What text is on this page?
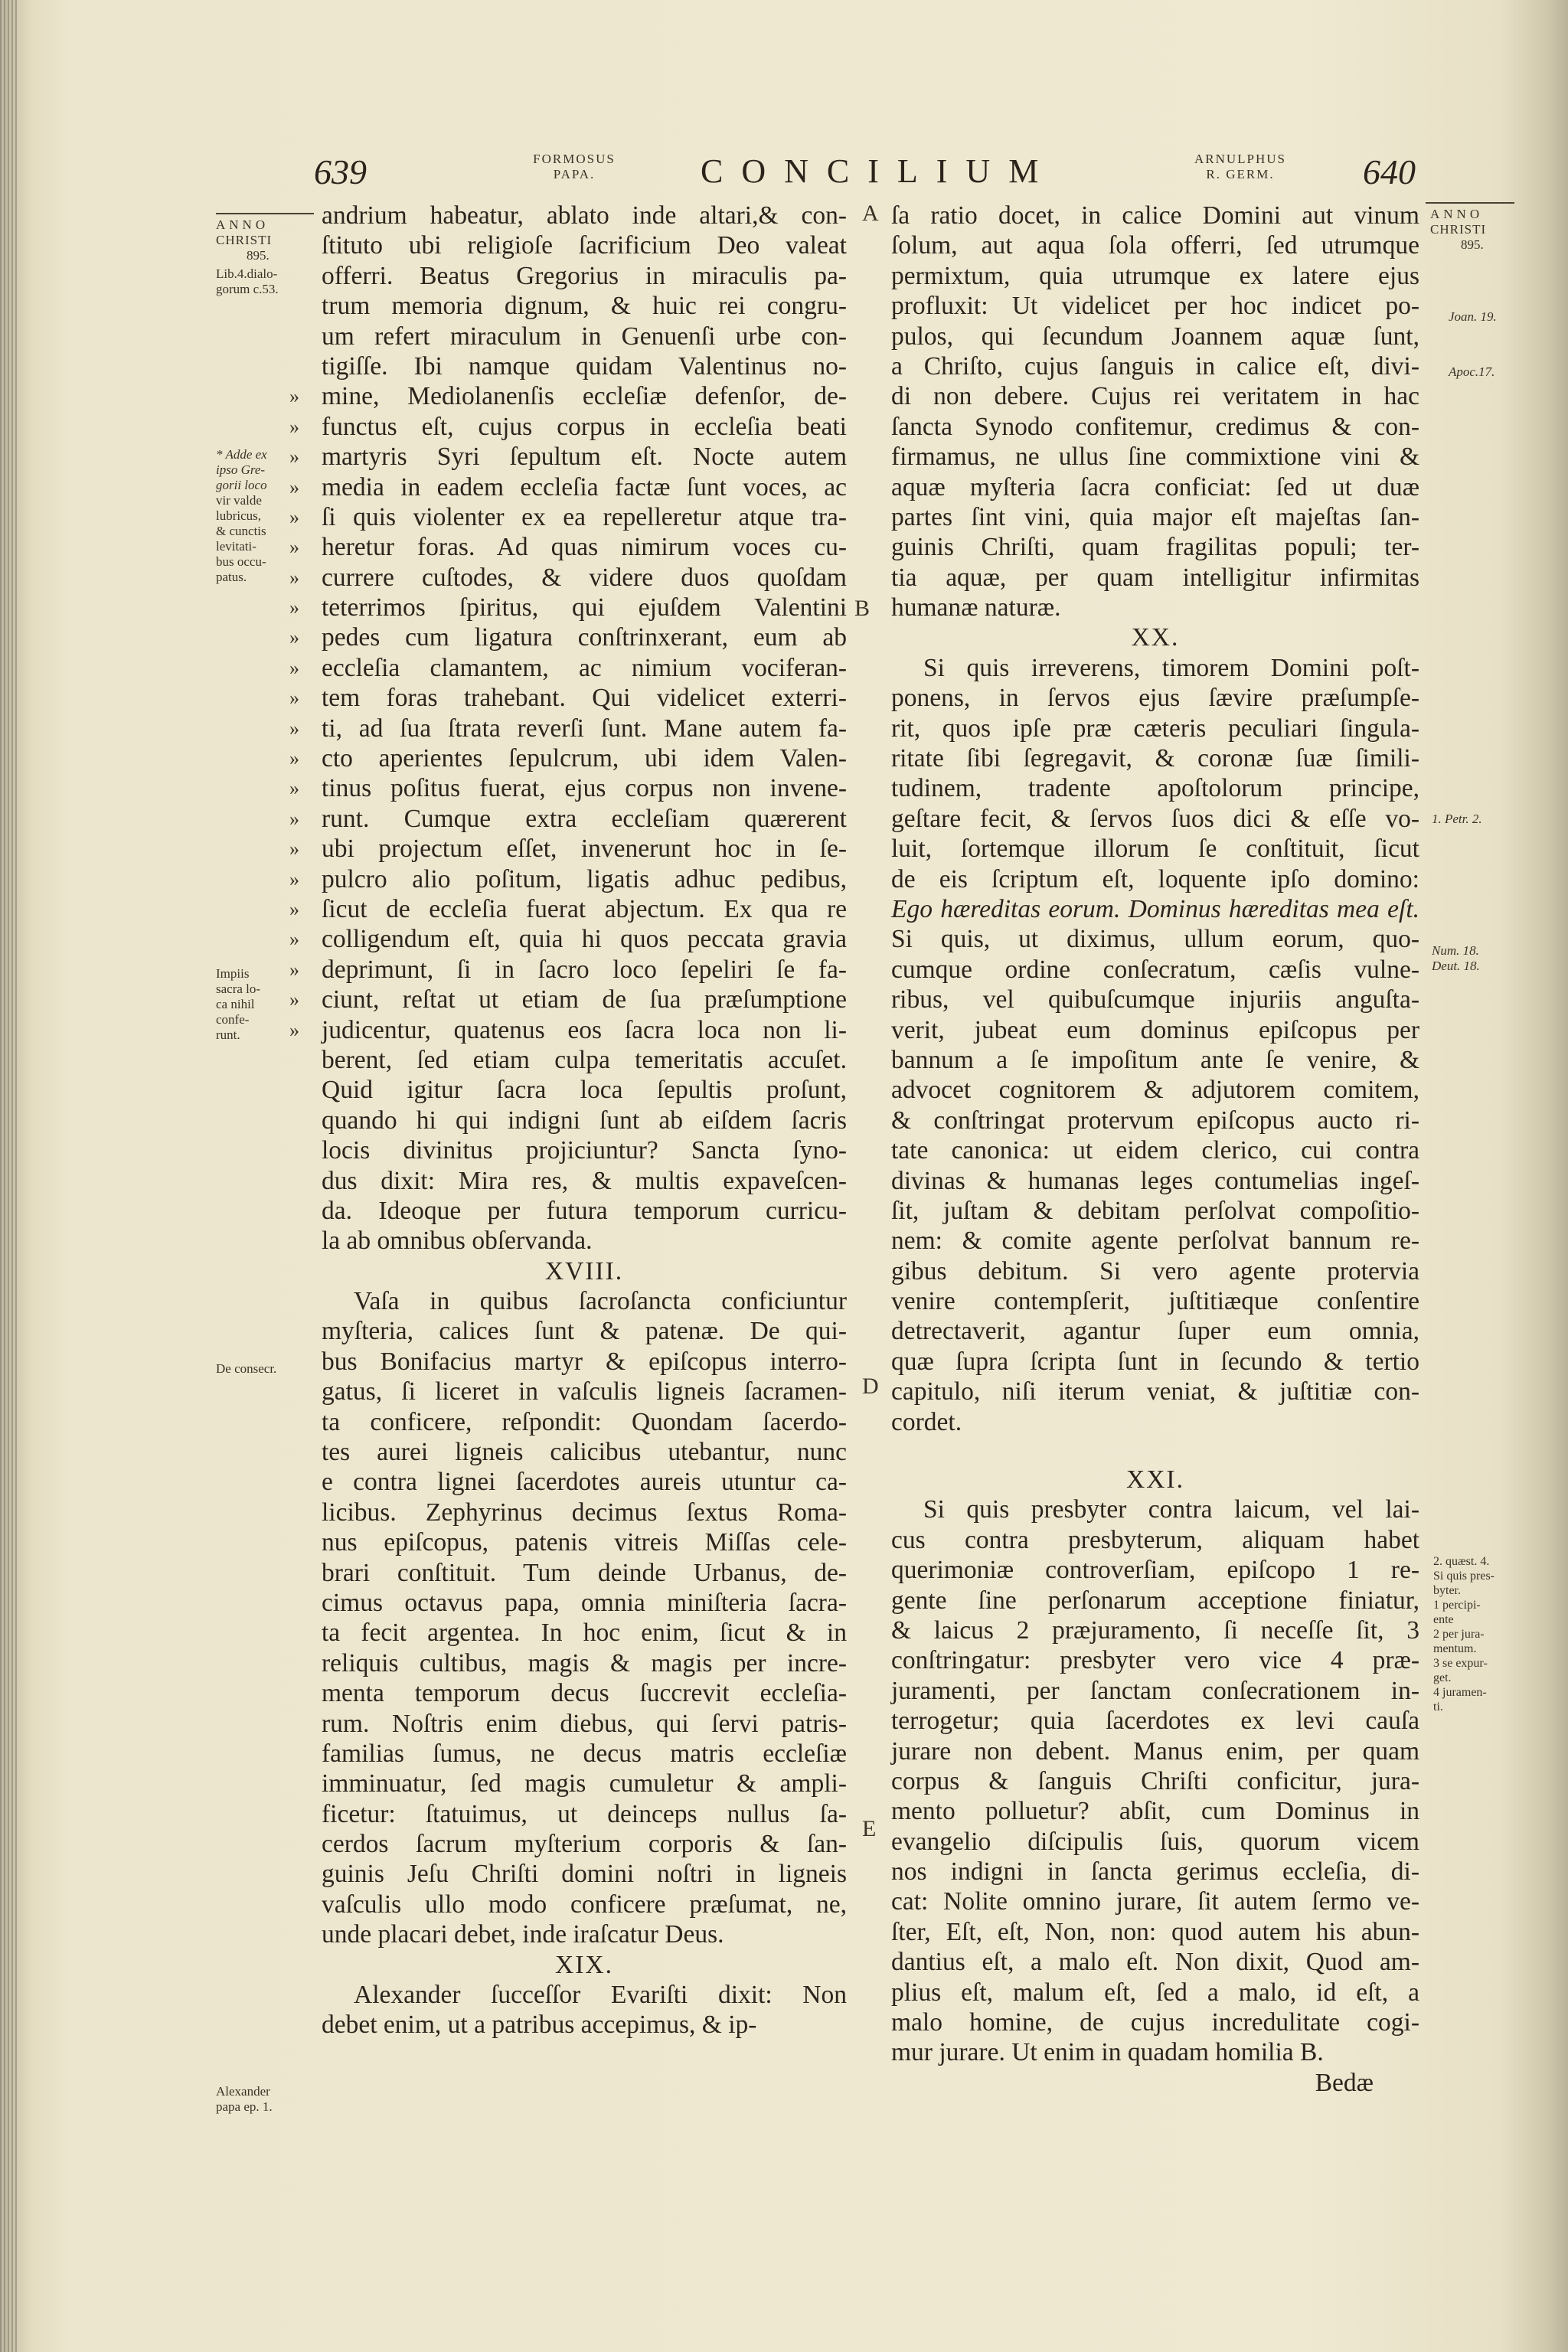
639	FORMOSUS
PAPA.	CONCILIUM	ARNULPHUS
R. GERM.	640
A
B
D
E
ANNO
CHRISTI
895.
Lib.4.dialo-
gorum c.53.
* Adde ex
ipso Gre-
gorii loco
vir valde
lubricus,
& cunctis
levitati-
bus occu-
patus.
Impiis
sacra lo-
ca nihil
confe-
runt.
De consecr.
Alexander
papa ep. 1.
ANNO
CHRISTI
895.
Joan. 19.
Apoc.17.
1. Petr. 2.
Num. 18.
Deut. 18.
2. quæst. 4.
Si quis pres-
byter.
1 percipi-
ente
2 per jura-
mentum.
3 se expur-
get.
4 juramen-
ti.
andrium habeatur, ablato inde altari,& con-
ſtituto ubi religioſe ſacrificium Deo valeat
offerri. Beatus Gregorius in miraculis pa-
trum memoria dignum, & huic rei congru-
um refert miraculum in Genuenſi urbe con-
tigiſſe. Ibi namque quidam Valentinus no-
mine, Mediolanenſis eccleſiæ defenſor, de-
»
functus eſt, cujus corpus in eccleſia beati
»
martyris Syri ſepultum eſt. Nocte autem
»
media in eadem eccleſia factæ ſunt voces, ac
»
ſi quis violenter ex ea repelleretur atque tra-
»
heretur foras. Ad quas nimirum voces cu-
»
currere cuſtodes, & videre duos quoſdam
»
teterrimos ſpiritus, qui ejuſdem Valentini
»
pedes cum ligatura conſtrinxerant, eum ab
»
eccleſia clamantem, ac nimium vociferan-
»
tem foras trahebant. Qui videlicet exterri-
»
ti, ad ſua ſtrata reverſi ſunt. Mane autem fa-
»
cto aperientes ſepulcrum, ubi idem Valen-
»
tinus poſitus fuerat, ejus corpus non invene-
»
runt. Cumque extra eccleſiam quærerent
»
ubi projectum eſſet, invenerunt hoc in ſe-
»
pulcro alio poſitum, ligatis adhuc pedibus,
»
ſicut de eccleſia fuerat abjectum. Ex qua re
»
colligendum eſt, quia hi quos peccata gravia
»
deprimunt, ſi in ſacro loco ſepeliri ſe fa-
»
ciunt, reſtat ut etiam de ſua præſumptione
»
judicentur, quatenus eos ſacra loca non li-
»
berent, ſed etiam culpa temeritatis accuſet.
Quid igitur ſacra loca ſepultis proſunt,
quando hi qui indigni ſunt ab eiſdem ſacris
locis divinitus projiciuntur? Sancta ſyno-
dus dixit: Mira res, & multis expaveſcen-
da. Ideoque per futura temporum curricu-
la ab omnibus obſervanda.
XVIII.
Vaſa in quibus ſacroſancta conficiuntur
myſteria, calices ſunt & patenæ. De qui-
bus Bonifacius martyr & epiſcopus interro-
gatus, ſi liceret in vaſculis ligneis ſacramen-
ta conficere, reſpondit: Quondam ſacerdo-
tes aurei ligneis calicibus utebantur, nunc
e contra lignei ſacerdotes aureis utuntur ca-
licibus. Zephyrinus decimus ſextus Roma-
nus epiſcopus, patenis vitreis Miſſas cele-
brari conſtituit. Tum deinde Urbanus, de-
cimus octavus papa, omnia miniſteria ſacra-
ta fecit argentea. In hoc enim, ſicut & in
reliquis cultibus, magis & magis per incre-
menta temporum decus ſuccrevit eccleſia-
rum. Noſtris enim diebus, qui ſervi patris-
familias ſumus, ne decus matris eccleſiæ
imminuatur, ſed magis cumuletur & ampli-
ficetur: ſtatuimus, ut deinceps nullus ſa-
cerdos ſacrum myſterium corporis & ſan-
guinis Jeſu Chriſti domini noſtri in ligneis
vaſculis ullo modo conficere præſumat, ne,
unde placari debet, inde iraſcatur Deus.
XIX.
Alexander ſucceſſor Evariſti dixit: Non
debet enim, ut a patribus accepimus, & ip-
ſa ratio docet, in calice Domini aut vinum
ſolum, aut aqua ſola offerri, ſed utrumque
permixtum, quia utrumque ex latere ejus
profluxit: Ut videlicet per hoc indicet po-
pulos, qui ſecundum Joannem aquæ ſunt,
a Chriſto, cujus ſanguis in calice eſt, divi-
di non debere. Cujus rei veritatem in hac
ſancta Synodo confitemur, credimus & con-
firmamus, ne ullus ſine commixtione vini &
aquæ myſteria ſacra conficiat: ſed ut duæ
partes ſint vini, quia major eſt majeſtas ſan-
guinis Chriſti, quam fragilitas populi; ter-
tia aquæ, per quam intelligitur infirmitas
humanæ naturæ.
XX.
Si quis irreverens, timorem Domini poſt-
ponens, in ſervos ejus ſævire præſumpſe-
rit, quos ipſe præ cæteris peculiari ſingula-
ritate ſibi ſegregavit, & coronæ ſuæ ſimili-
tudinem, tradente apoſtolorum principe,
geſtare fecit, & ſervos ſuos dici & eſſe vo-
luit, ſortemque illorum ſe conſtituit, ſicut
de eis ſcriptum eſt, loquente ipſo domino:
Ego hæreditas eorum. Dominus hæreditas mea eſt.
Si quis, ut diximus, ullum eorum, quo-
cumque ordine conſecratum, cæſis vulne-
ribus, vel quibuſcumque injuriis anguſta-
verit, jubeat eum dominus epiſcopus per
bannum a ſe impoſitum ante ſe venire, &
advocet cognitorem & adjutorem comitem,
& conſtringat protervum epiſcopus aucto ri-
tate canonica: ut eidem clerico, cui contra
divinas & humanas leges contumelias ingeſ-
ſit, juſtam & debitam perſolvat compoſitio-
nem: & comite agente perſolvat bannum re-
gibus debitum. Si vero agente protervia
venire contempſerit, juſtitiæque conſentire
detrectaverit, agantur ſuper eum omnia,
quæ ſupra ſcripta ſunt in ſecundo & tertio
capitulo, niſi iterum veniat, & juſtitiæ con-
cordet.
XXI.
Si quis presbyter contra laicum, vel lai-
cus contra presbyterum, aliquam habet
querimoniæ controverſiam, epiſcopo 1 re-
gente ſine perſonarum acceptione finiatur,
& laicus 2 præjuramento, ſi neceſſe ſit, 3
conſtringatur: presbyter vero vice 4 præ-
juramenti, per ſanctam conſecrationem in-
terrogetur; quia ſacerdotes ex levi cauſa
jurare non debent. Manus enim, per quam
corpus & ſanguis Chriſti conficitur, jura-
mento polluetur? abſit, cum Dominus in
evangelio diſcipulis ſuis, quorum vicem
nos indigni in ſancta gerimus eccleſia, di-
cat: Nolite omnino jurare, ſit autem ſermo ve-
ſter, Eſt, eſt, Non, non: quod autem his abun-
dantius eſt, a malo eſt. Non dixit, Quod am-
plius eſt, malum eſt, ſed a malo, id eſt, a
malo homine, de cujus incredulitate cogi-
mur jurare. Ut enim in quadam homilia B.
Bedæ
